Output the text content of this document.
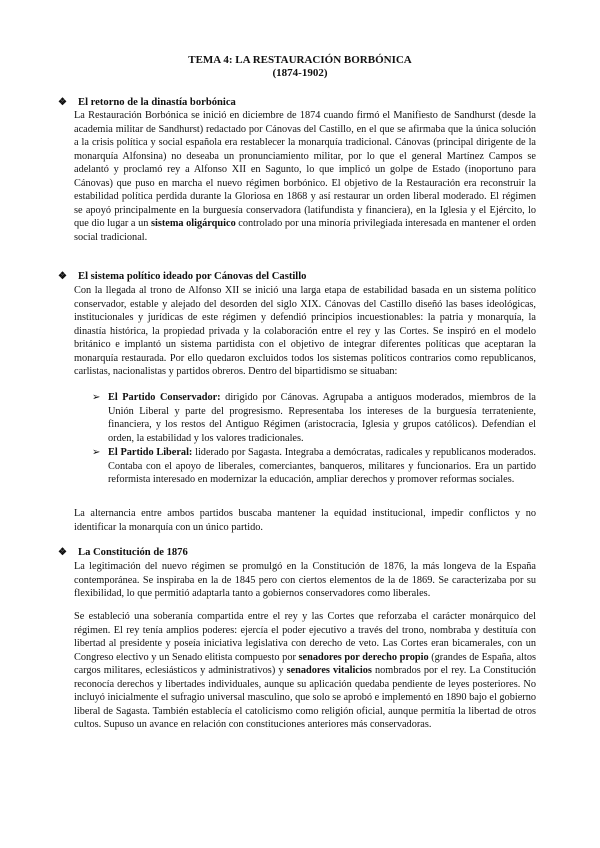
TEMA 4: LA RESTAURACIÓN BORBÓNICA
(1874-1902)
❖ El retorno de la dinastía borbónica

La Restauración Borbónica se inició en diciembre de 1874 cuando firmó el Manifiesto de Sandhurst (desde la academia militar de Sandhurst) redactado por Cánovas del Castillo, en el que se afirmaba que la única solución a la crisis política y social española era restablecer la monarquía tradicional. Cánovas (principal dirigente de la monarquía Alfonsina) no deseaba un pronunciamiento militar, por lo que el general Martínez Campos se adelantó y proclamó rey a Alfonso XII en Sagunto, lo que implicó un golpe de Estado (inoportuno para Cánovas) que puso en marcha el nuevo régimen borbónico. El objetivo de la Restauración era reconstruir la estabilidad política perdida durante la Gloriosa en 1868 y así restaurar un orden liberal moderado. El régimen se apoyó principalmente en la burguesía conservadora (latifundista y financiera), en la Iglesia y el Ejército, lo que dio lugar a un sistema oligárquico controlado por una minoría privilegiada interesada en mantener el orden social tradicional.

❖ El sistema político ideado por Cánovas del Castillo

Con la llegada al trono de Alfonso XII se inició una larga etapa de estabilidad basada en un sistema político conservador, estable y alejado del desorden del siglo XIX. Cánovas del Castillo diseñó las bases ideológicas, institucionales y jurídicas de este régimen y defendió principios incuestionables: la patria y monarquía, la dinastía histórica, la propiedad privada y la colaboración entre el rey y las Cortes. Se inspiró en el modelo británico e implantó un sistema partidista con el objetivo de integrar diferentes políticas que aceptaran la monarquía restaurada. Por ello quedaron excluidos todos los sistemas políticos contrarios como republicanos, carlistas, nacionalistas y partidos obreros. Dentro del bipartidismo se situaban:

➢ El Partido Conservador: dirigido por Cánovas. Agrupaba a antiguos moderados, miembros de la Unión Liberal y parte del progresismo. Representaba los intereses de la burguesía terrateniente, financiera, y los restos del Antiguo Régimen (aristocracia, Iglesia y grupos católicos). Defendían el orden, la estabilidad y los valores tradicionales.

➢ El Partido Liberal: liderado por Sagasta. Integraba a demócratas, radicales y republicanos moderados. Contaba con el apoyo de liberales, comerciantes, banqueros, militares y funcionarios. Era un partido reformista interesado en modernizar la educación, ampliar derechos y promover reformas sociales.

La alternancia entre ambos partidos buscaba mantener la equidad institucional, impedir conflictos y no identificar la monarquía con un único partido.

❖ La Constitución de 1876

La legitimación del nuevo régimen se promulgó en la Constitución de 1876, la más longeva de la España contemporánea. Se inspiraba en la de 1845 pero con ciertos elementos de la de 1869. Se caracterizaba por su flexibilidad, lo que permitió adaptarla tanto a gobiernos conservadores como liberales.

Se estableció una soberanía compartida entre el rey y las Cortes que reforzaba el carácter monárquico del régimen. El rey tenía amplios poderes: ejercía el poder ejecutivo a través del trono, nombraba y destituía con libertad al presidente y poseía iniciativa legislativa con derecho de veto. Las Cortes eran bicamerales, con un Congreso electivo y un Senado elitista compuesto por senadores por derecho propio (grandes de España, altos cargos militares, eclesiásticos y administrativos) y senadores vitalicios nombrados por el rey. La Constitución reconocía derechos y libertades individuales, aunque su aplicación quedaba pendiente de leyes posteriores. No incluyó inicialmente el sufragio universal masculino, que solo se aprobó e implementó en 1890 bajo el gobierno liberal de Sagasta. También establecía el catolicismo como religión oficial, aunque permitía la libertad de otros cultos. Supuso un avance en relación con constituciones anteriores más conservadoras.
